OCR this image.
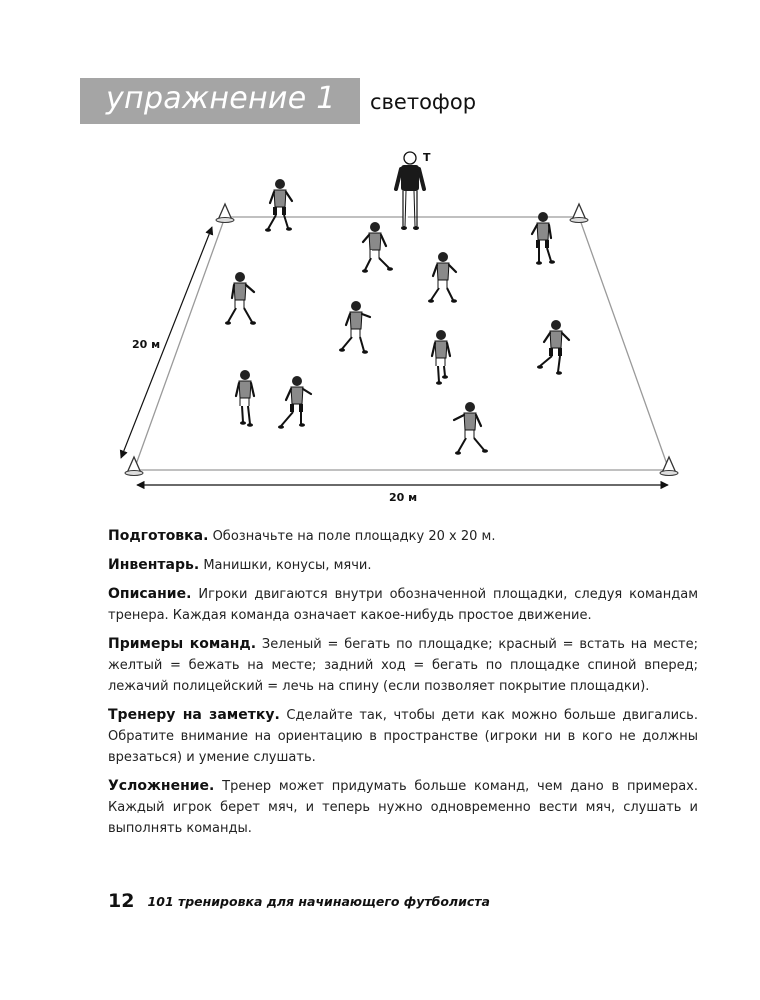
упражнение 1 светофор
20 м
20 м
Т

Подготовка. Обозначьте на поле площадку 20 х 20 м.

Инвентарь. Манишки, конусы, мячи.

Описание. Игроки двигаются внутри обозначенной площадки, следуя командам тренера. Каждая команда означает какое-нибудь простое движение.

Примеры команд. Зеленый = бегать по площадке; красный = встать на месте; желтый = бежать на месте; задний ход = бегать по площадке спиной вперед; лежачий полицейский = лечь на спину (если позволяет покрытие площадки).

Тренеру на заметку. Сделайте так, чтобы дети как можно больше двигались. Обратите внимание на ориентацию в пространстве (игроки ни в кого не должны врезаться) и умение слушать.

Усложнение. Тренер может придумать больше команд, чем дано в примерах. Каждый игрок берет мяч, и теперь нужно одновременно вести мяч, слушать и выполнять команды.

12 101 тренировка для начинающего футболиста
